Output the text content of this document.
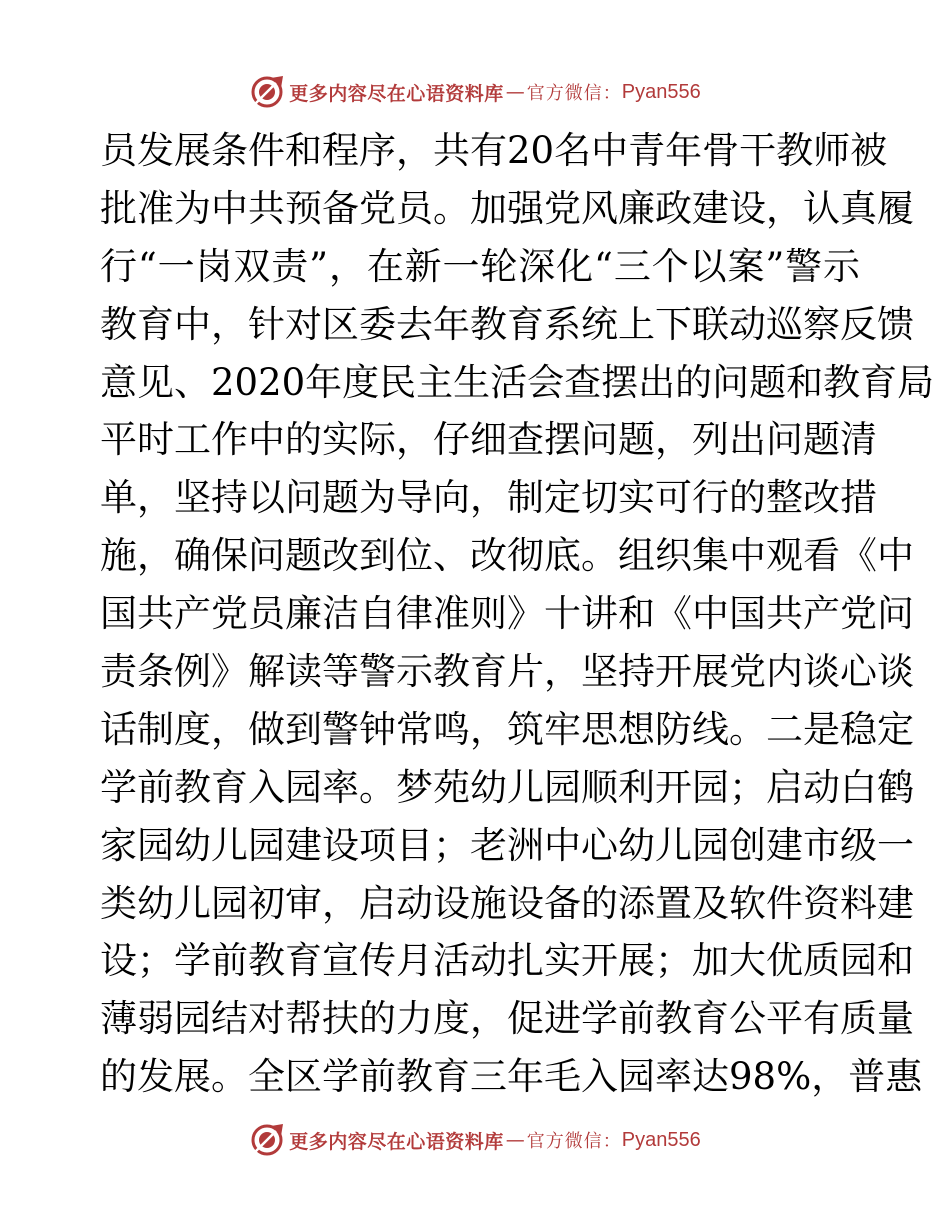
更多内容尽在心语资料库 — 官方微信： Pyan556
员发展条件和程序，共有20名中青年骨干教师被
批准为中共预备党员。加强党风廉政建设，认真履
行“一岗双责”，在新一轮深化“三个以案”警示
教育中，针对区委去年教育系统上下联动巡察反馈
意见、2020年度民主生活会查摆出的问题和教育局
平时工作中的实际，仔细查摆问题，列出问题清
单，坚持以问题为导向，制定切实可行的整改措
施，确保问题改到位、改彻底。组织集中观看《中
国共产党员廉洁自律准则》十讲和《中国共产党问
责条例》解读等警示教育片，坚持开展党内谈心谈
话制度，做到警钟常鸣，筑牢思想防线。二是稳定
学前教育入园率。梦苑幼儿园顺利开园；启动白鹤
家园幼儿园建设项目；老洲中心幼儿园创建市级一
类幼儿园初审，启动设施设备的添置及软件资料建
设；学前教育宣传月活动扎实开展；加大优质园和
薄弱园结对帮扶的力度，促进学前教育公平有质量
的发展。全区学前教育三年毛入园率达98%，普惠
更多内容尽在心语资料库 — 官方微信： Pyan556
